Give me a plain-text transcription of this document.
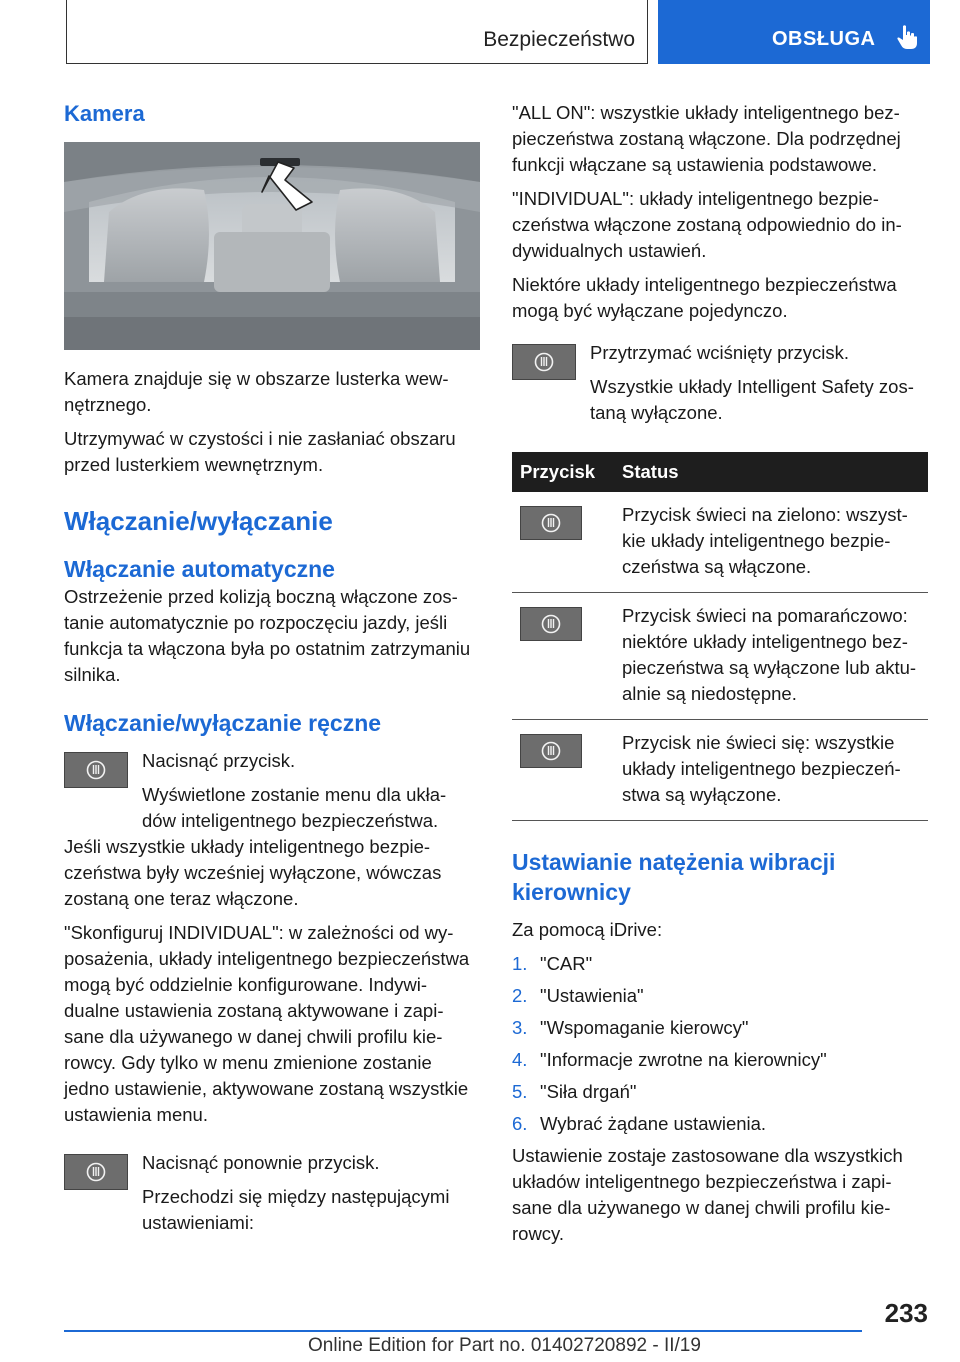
Bezpieczeństwo	OBSŁUGA
Kamera

Kamera znajduje się w obszarze lusterka wew-nętrznego.

Utrzymywać w czystości i nie zasłaniać obszaru przed lusterkiem wewnętrznym.

Włączanie/wyłączanie
Włączanie automatyczne

Ostrzeżenie przed kolizją boczną włączone zos-tanie automatycznie po rozpoczęciu jazdy, jeśli funkcja ta włączona była po ostatnim zatrzymaniu silnika.

Włączanie/wyłączanie ręczne

Nacisnąć przycisk.

Wyświetlone zostanie menu dla ukła-dów inteligentnego bezpieczeństwa.

Jeśli wszystkie układy inteligentnego bezpie-czeństwa były wcześniej wyłączone, wówczas zostaną one teraz włączone.

"Skonfiguruj INDIVIDUAL": w zależności od wy-posażenia, układy inteligentnego bezpieczeństwa mogą być oddzielnie konfigurowane. Indywi-dualne ustawienia zostaną aktywowane i zapi-sane dla używanego w danej chwili profilu kie-rowcy. Gdy tylko w menu zmienione zostanie jedno ustawienie, aktywowane zostaną wszystkie ustawienia menu.

Nacisnąć ponownie przycisk.

Przechodzi się między następującymi ustawieniami:

"ALL ON": wszystkie układy inteligentnego bez-pieczeństwa zostaną włączone. Dla podrzędnej funkcji włączane są ustawienia podstawowe.

"INDIVIDUAL": układy inteligentnego bezpie-czeństwa włączone zostaną odpowiednio do in-dywidualnych ustawień.

Niektóre układy inteligentnego bezpieczeństwa mogą być wyłączane pojedynczo.

Przytrzymać wciśnięty przycisk.

Wszystkie układy Intelligent Safety zos-taną wyłączone.

Przycisk	Status

	Przycisk świeci na zielono: wszyst-kie układy inteligentnego bezpie-czeństwa są włączone.

	Przycisk świeci na pomarańczowo: niektóre układy inteligentnego bez-pieczeństwa są wyłączone lub aktu-alnie są niedostępne.

	Przycisk nie świeci się: wszystkie układy inteligentnego bezpieczeń-stwa są wyłączone.
Ustawianie natężenia wibracji kierownicy

Za pomocą iDrive:

1. "CAR"
2. "Ustawienia"
3. "Wspomaganie kierowcy"
4. "Informacje zwrotne na kierownicy"
5. "Siła drgań"
6. Wybrać żądane ustawienia.

Ustawienie zostaje zastosowane dla wszystkich układów inteligentnego bezpieczeństwa i zapi-sane dla używanego w danej chwili profilu kie-rowcy.

233
Online Edition for Part no. 01402720892 - II/19
